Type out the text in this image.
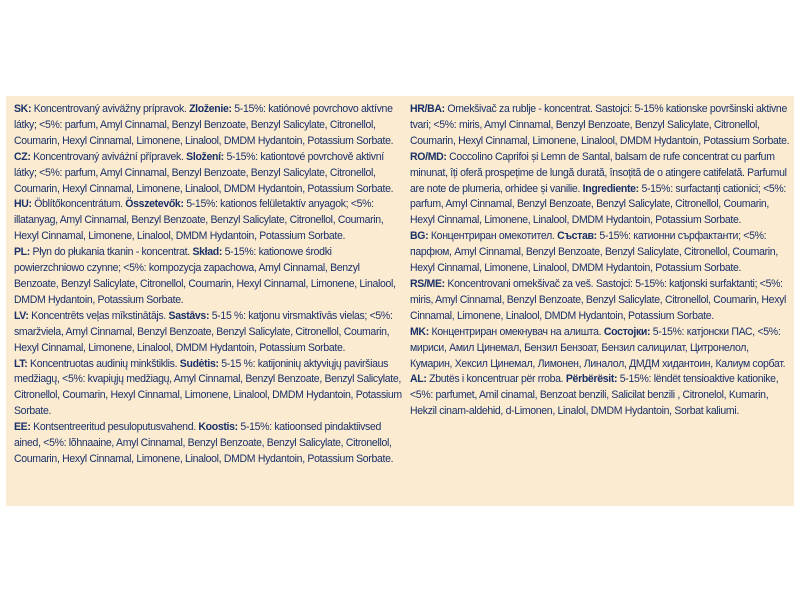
SK: Koncentrovaný aviväžny prípravok. Zloženie: 5-15%: katiónové povrchovo aktívne látky; <5%: parfum, Amyl Cinnamal, Benzyl Benzoate, Benzyl Salicylate, Citronellol, Coumarin, Hexyl Cinnamal, Limonene, Linalool, DMDM Hydantoin, Potassium Sorbate.

CZ: Koncentrovaný aviváżní přípravek. Složení: 5-15%: kationtové povrchově aktivní látky; <5%: parfum, Amyl Cinnamal, Benzyl Benzoate, Benzyl Salicylate, Citronellol, Coumarin, Hexyl Cinnamal, Limonene, Linalool, DMDM Hydantoin, Potassium Sorbate.

HU: Öblítőkoncentrátum. Összetevők: 5-15%: kationos felületaktív anyagok; <5%: illatanyag, Amyl Cinnamal, Benzyl Benzoate, Benzyl Salicylate, Citronellol, Coumarin, Hexyl Cinnamal, Limonene, Linalool, DMDM Hydantoin, Potassium Sorbate.

PL: Płyn do płukania tkanin - koncentrat. Skład: 5-15%: kationowe środki powierzchniowo czynne; <5%: kompozycja zapachowa, Amyl Cinnamal, Benzyl Benzoate, Benzyl Salicylate, Citronellol, Coumarin, Hexyl Cinnamal, Limonene, Linalool, DMDM Hydantoin, Potassium Sorbate.

LV: Koncentrēts veļas mīkstinātājs. Sastāvs: 5-15 %: katjonu virsmaktīvās vielas; <5%: smaržviela, Amyl Cinnamal, Benzyl Benzoate, Benzyl Salicylate, Citronellol, Coumarin, Hexyl Cinnamal, Limonene, Linalool, DMDM Hydantoin, Potassium Sorbate.

LT: Koncentruotas audinių minkštiklis. Sudėtis: 5-15 %: katijoninių aktyviųjų paviršiaus medžiagų, <5%: kvapiųjų medžiagų, Amyl Cinnamal, Benzyl Benzoate, Benzyl Salicylate, Citronellol, Coumarin, Hexyl Cinnamal, Limonene, Linalool, DMDM Hydantoin, Potassium Sorbate.

EE: Kontsentreeritud pesuloputusvahend. Koostis: 5-15%: katioonsed pindaktiivsed ained, <5%: lõhnaaine, Amyl Cinnamal, Benzyl Benzoate, Benzyl Salicylate, Citronellol, Coumarin, Hexyl Cinnamal, Limonene, Linalool, DMDM Hydantoin, Potassium Sorbate.

HR/BA: Omekšivač za rublje - koncentrat. Sastojci: 5-15% kationske površinski aktivne tvari; <5%: miris, Amyl Cinnamal, Benzyl Benzoate, Benzyl Salicylate, Citronellol, Coumarin, Hexyl Cinnamal, Limonene, Linalool, DMDM Hydantoin, Potassium Sorbate.

RO/MD: Coccolino Caprifoi și Lemn de Santal, balsam de rufe concentrat cu parfum minunat, îți oferă prospețime de lungă durată, însoțită de o atingere catifelată. Parfumul are note de plumeria, orhidee și vanilie. Ingrediente: 5-15%: surfactanți cationici; <5%: parfum, Amyl Cinnamal, Benzyl Benzoate, Benzyl Salicylate, Citronellol, Coumarin, Hexyl Cinnamal, Limonene, Linalool, DMDM Hydantoin, Potassium Sorbate.

BG: Концентриран омекотител. Състав: 5-15%: катионни сърфактанти; <5%: парфюм, Amyl Cinnamal, Benzyl Benzoate, Benzyl Salicylate, Citronellol, Coumarin, Hexyl Cinnamal, Limonene, Linalool, DMDM Hydantoin, Potassium Sorbate.

RS/ME: Koncentrovani omekšivač za veš. Sastojci: 5-15%: katjonski surfaktanti; <5%: miris, Amyl Cinnamal, Benzyl Benzoate, Benzyl Salicylate, Citronellol, Coumarin, Hexyl Cinnamal, Limonene, Linalool, DMDM Hydantoin, Potassium Sorbate.

MK: Концентриран омекнувач на алишта. Состојки: 5-15%: катјонски ПАС, <5%: мириси, Амил Цинемал, Бензил Бензоат, Бензил салицилат, Цитронелол, Кумарин, Хексил Цинемал, Лимонен, Линалол, ДМДМ хидантоин, Калиум сорбат.

AL: Zbutës i koncentruar për rroba. Përbërësit: 5-15%: lëndët tensioaktive kationike, <5%: parfumet, Amil cinamal, Benzoat benzili, Salicilat benzili , Citronelol, Kumarin, Hekzil cinam-aldehid, d-Limonen, Linalol, DMDM Hydantoin, Sorbat kaliumi.
